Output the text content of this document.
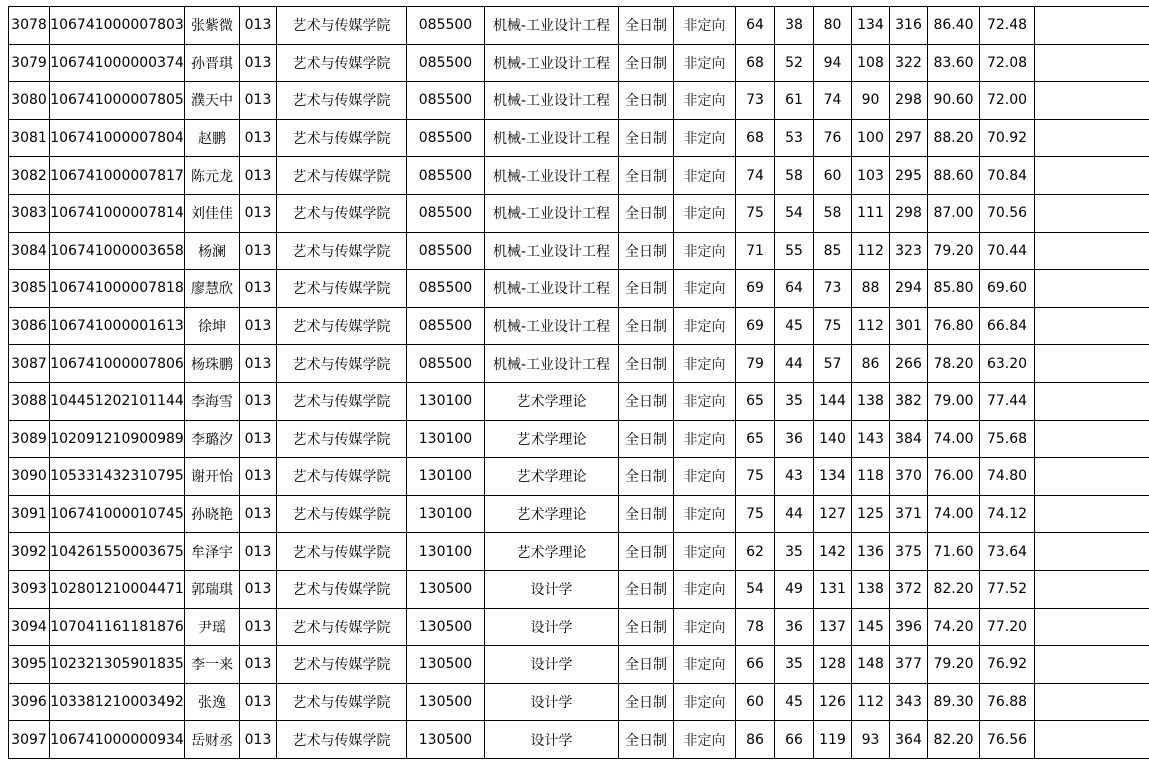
3078	106741000007803	张紫微	013	艺术与传媒学院	085500	机械-工业设计工程	全日制	非定向	64	38	80	134	316	86.40	72.48	
3079	106741000000374	孙晋琪	013	艺术与传媒学院	085500	机械-工业设计工程	全日制	非定向	68	52	94	108	322	83.60	72.08	
3080	106741000007805	濮天中	013	艺术与传媒学院	085500	机械-工业设计工程	全日制	非定向	73	61	74	90	298	90.60	72.00	
3081	106741000007804	赵鹏	013	艺术与传媒学院	085500	机械-工业设计工程	全日制	非定向	68	53	76	100	297	88.20	70.92	
3082	106741000007817	陈元龙	013	艺术与传媒学院	085500	机械-工业设计工程	全日制	非定向	74	58	60	103	295	88.60	70.84	
3083	106741000007814	刘佳佳	013	艺术与传媒学院	085500	机械-工业设计工程	全日制	非定向	75	54	58	111	298	87.00	70.56	
3084	106741000003658	杨澜	013	艺术与传媒学院	085500	机械-工业设计工程	全日制	非定向	71	55	85	112	323	79.20	70.44	
3085	106741000007818	廖慧欣	013	艺术与传媒学院	085500	机械-工业设计工程	全日制	非定向	69	64	73	88	294	85.80	69.60	
3086	106741000001613	徐坤	013	艺术与传媒学院	085500	机械-工业设计工程	全日制	非定向	69	45	75	112	301	76.80	66.84	
3087	106741000007806	杨珠鹏	013	艺术与传媒学院	085500	机械-工业设计工程	全日制	非定向	79	44	57	86	266	78.20	63.20	
3088	104451202101144	李海雪	013	艺术与传媒学院	130100	艺术学理论	全日制	非定向	65	35	144	138	382	79.00	77.44	
3089	102091210900989	李璐汐	013	艺术与传媒学院	130100	艺术学理论	全日制	非定向	65	36	140	143	384	74.00	75.68	
3090	105331432310795	谢开怡	013	艺术与传媒学院	130100	艺术学理论	全日制	非定向	75	43	134	118	370	76.00	74.80	
3091	106741000010745	孙晓艳	013	艺术与传媒学院	130100	艺术学理论	全日制	非定向	75	44	127	125	371	74.00	74.12	
3092	104261550003675	牟泽宇	013	艺术与传媒学院	130100	艺术学理论	全日制	非定向	62	35	142	136	375	71.60	73.64	
3093	102801210004471	郭瑞琪	013	艺术与传媒学院	130500	设计学	全日制	非定向	54	49	131	138	372	82.20	77.52	
3094	107041161181876	尹瑶	013	艺术与传媒学院	130500	设计学	全日制	非定向	78	36	137	145	396	74.20	77.20	
3095	102321305901835	李一来	013	艺术与传媒学院	130500	设计学	全日制	非定向	66	35	128	148	377	79.20	76.92	
3096	103381210003492	张逸	013	艺术与传媒学院	130500	设计学	全日制	非定向	60	45	126	112	343	89.30	76.88	
3097	106741000000934	岳财丞	013	艺术与传媒学院	130500	设计学	全日制	非定向	86	66	119	93	364	82.20	76.56	
